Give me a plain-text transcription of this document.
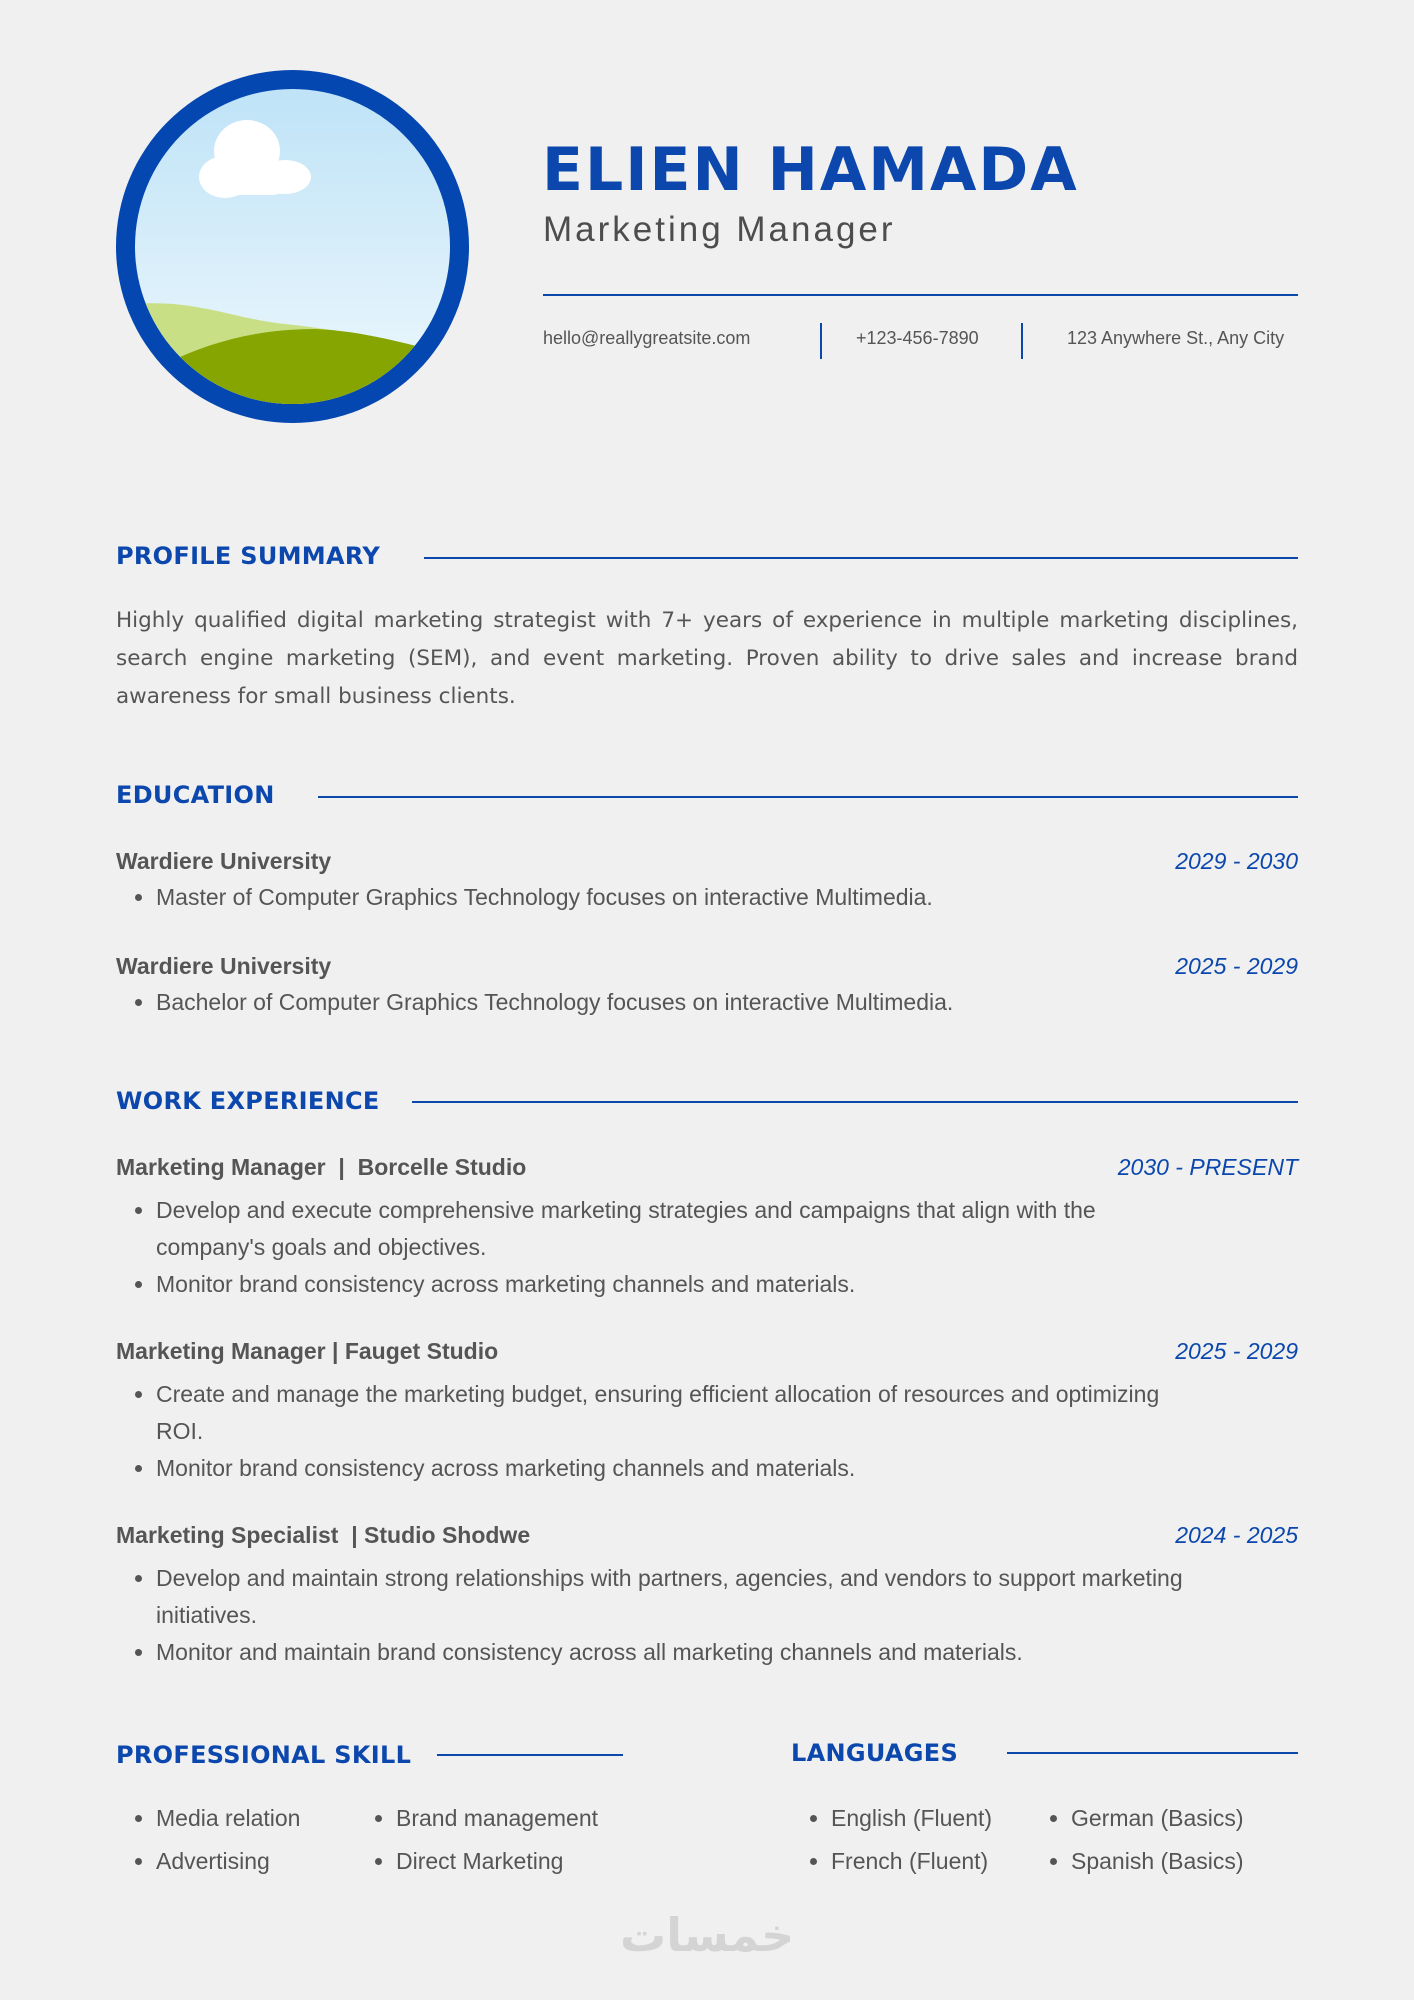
ELIEN HAMADA
Marketing Manager
hello@reallygreatsite.com	+123-456-7890	123 Anywhere St., Any City
PROFILE SUMMARY

Highly qualified digital marketing strategist with 7+ years of experience in multiple marketing disciplines, search engine marketing (SEM), and event marketing. Proven ability to drive sales and increase brand awareness for small business clients.

EDUCATION
Wardiere University	2029 - 2030
• Master of Computer Graphics Technology focuses on interactive Multimedia.
Wardiere University	2025 - 2029
• Bachelor of Computer Graphics Technology focuses on interactive Multimedia.
WORK EXPERIENCE
Marketing Manager  |  Borcelle Studio	2030 - PRESENT
• Develop and execute comprehensive marketing strategies and campaigns that align with the company's goals and objectives.
• Monitor brand consistency across marketing channels and materials.
Marketing Manager | Fauget Studio	2025 - 2029
• Create and manage the marketing budget, ensuring efficient allocation of resources and optimizing ROI.
• Monitor brand consistency across marketing channels and materials.
Marketing Specialist  | Studio Shodwe	2024 - 2025
• Develop and maintain strong relationships with partners, agencies, and vendors to support marketing initiatives.
• Monitor and maintain brand consistency across all marketing channels and materials.
PROFESSIONAL SKILL
• Media relation
• Advertising
• Brand management
• Direct Marketing
LANGUAGES
• English (Fluent)
• French (Fluent)
• German (Basics)
• Spanish (Basics)
خمسات
